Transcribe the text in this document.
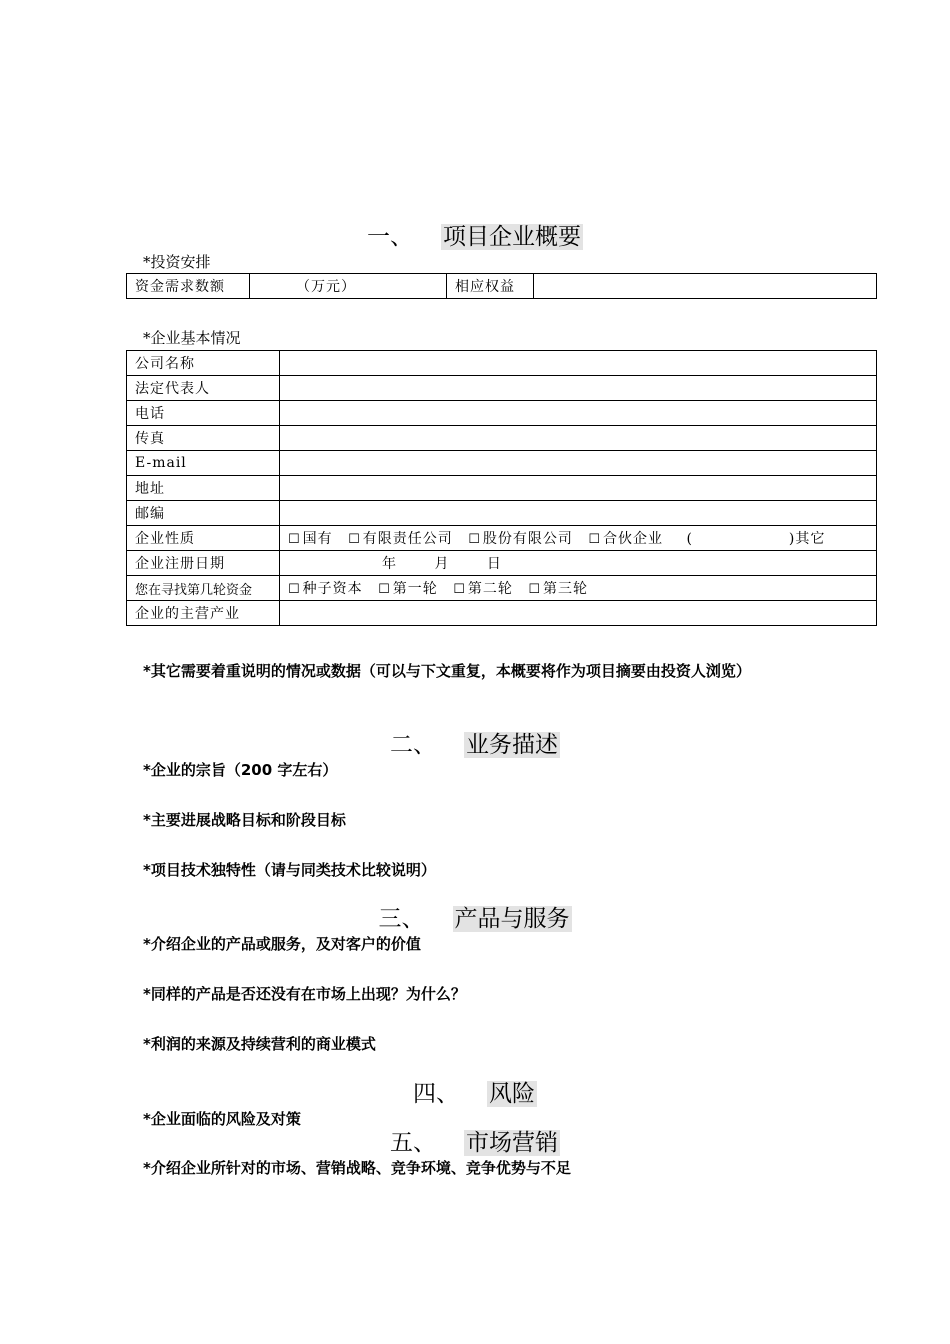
一、 项目企业概要
*投资安排
资金需求数额	（万元）	相应权益	
*企业基本情况
公司名称	
法定代表人	
电话	
传真	
E-mail	
地址	
邮编	
企业性质	☐ 国有 ☐ 有限责任公司 ☐ 股份有限公司 ☐ 合伙企业 ( )其它
企业注册日期	年 月 日
您在寻找第几轮资金	☐ 种子资本 ☐ 第一轮 ☐ 第二轮 ☐ 第三轮
企业的主营产业	
*其它需要着重说明的情况或数据（可以与下文重复，本概要将作为项目摘要由投资人浏览）
二、 业务描述
*企业的宗旨（200 字左右）
*主要进展战略目标和阶段目标
*项目技术独特性（请与同类技术比较说明）
三、 产品与服务
*介绍企业的产品或服务，及对客户的价值
*同样的产品是否还没有在市场上出现？为什么？
*利润的来源及持续营利的商业模式
四、 风险
*企业面临的风险及对策
五、 市场营销
*介绍企业所针对的市场、营销战略、竞争环境、竞争优势与不足
